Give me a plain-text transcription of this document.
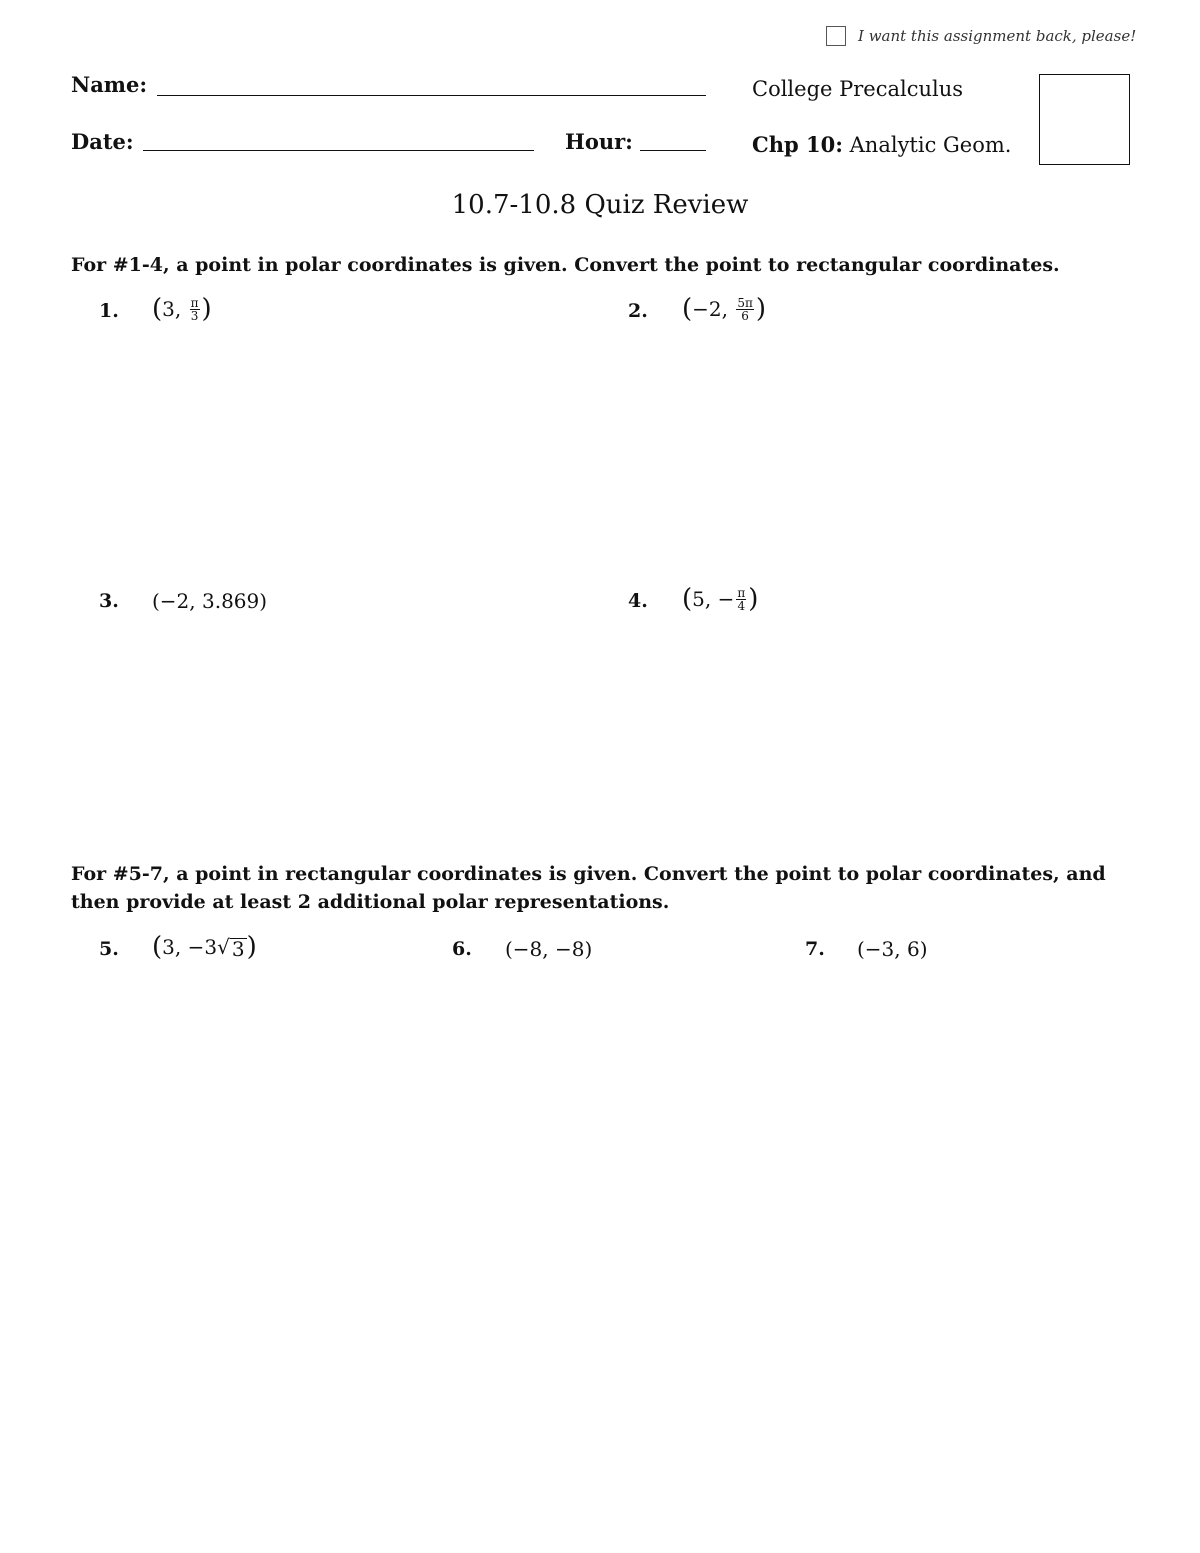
I want this assignment back, please!
Name:
Date:	Hour:
College Precalculus
Chp 10: Analytic Geom.
10.7-10.8 Quiz Review
For #1-4, a point in polar coordinates is given. Convert the point to rectangular coordinates.
1. ( 3 , $\frac{\pi}{3}$ )	2. ( −2 , $\frac{5\pi}{6}$ )
3. (−2, 3.869)	4. ( 5 , − $\frac{\pi}{4}$ )
For #5-7, a point in rectangular coordinates is given. Convert the point to polar coordinates, and then provide at least 2 additional polar representations.
5. ( 3 , −3 √ 3 )	6. (−8, −8)	7. (−3, 6)
